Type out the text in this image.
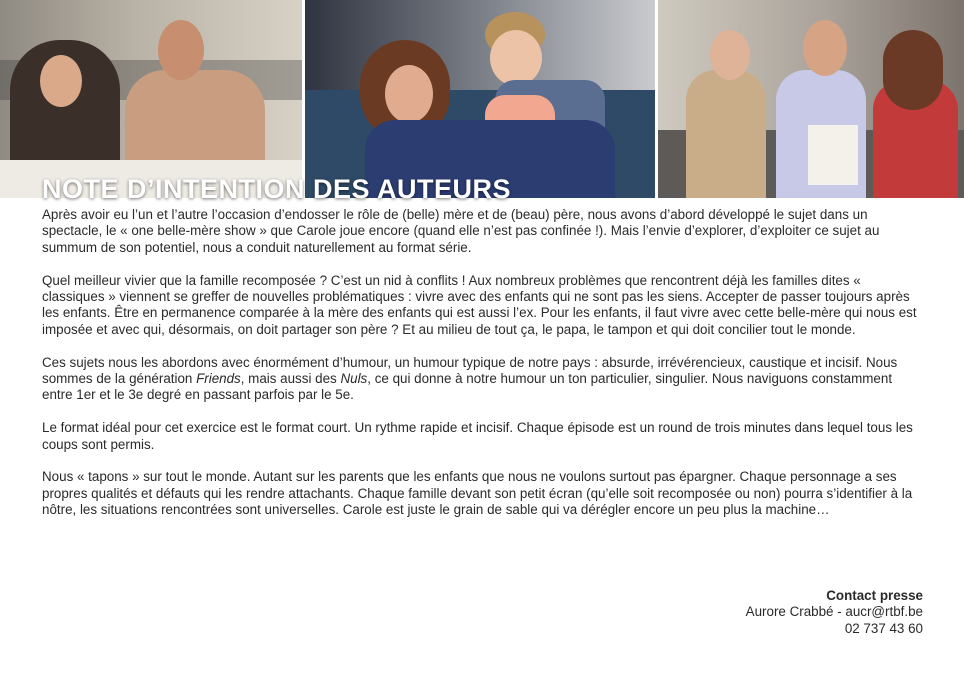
NOTE D’INTENTION DES AUTEURS

Après avoir eu l’un et l’autre l’occasion d’endosser le rôle de (belle) mère et de (beau) père, nous avons d’abord développé le sujet dans un spectacle, le « one belle-mère show » que Carole joue encore (quand elle n’est pas confinée !). Mais l’envie d’explorer, d’exploiter ce sujet au summum de son potentiel, nous a conduit naturellement au format série.

Quel meilleur vivier que la famille recomposée ? C’est un nid à conflits ! Aux nombreux problèmes que rencontrent déjà les familles dites « classiques » viennent se greffer de nouvelles problématiques : vivre avec des enfants qui ne sont pas les siens. Accepter de passer toujours après les enfants. Être en permanence comparée à la mère des enfants qui est aussi l’ex. Pour les enfants, il faut vivre avec cette belle-mère qui nous est imposée et avec qui, désormais, on doit partager son père ? Et au milieu de tout ça, le papa, le tampon et qui doit concilier tout le monde.

Ces sujets nous les abordons avec énormément d’humour, un humour typique de notre pays : absurde, irrévérencieux, caustique et incisif. Nous sommes de la génération Friends, mais aussi des Nuls, ce qui donne à notre humour un ton particulier, singulier. Nous naviguons constamment entre 1er et le 3e degré en passant parfois par le 5e.

Le format idéal pour cet exercice est le format court. Un rythme rapide et incisif. Chaque épisode est un round de trois minutes dans lequel tous les coups sont permis.

Nous « tapons » sur tout le monde. Autant sur les parents que les enfants que nous ne voulons surtout pas épargner. Chaque personnage a ses propres qualités et défauts qui les rendre attachants. Chaque famille devant son petit écran (qu’elle soit recomposée ou non) pourra s’identifier à la nôtre, les situations rencontrées sont universelles. Carole est juste le grain de sable qui va dérégler encore un peu plus la machine…

Contact presse
Aurore Crabbé - aucr@rtbf.be
02 737 43 60
